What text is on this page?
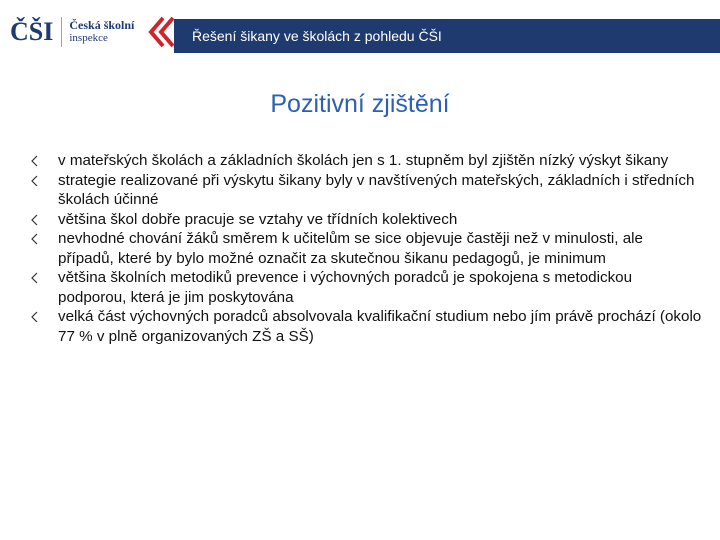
ČŠI Česká školní
inspekce	Řešení šikany ve školách z pohledu ČŠI
Pozitivní zjištění
v mateřských školách a základních školách jen s 1. stupněm byl zjištěn nízký výskyt šikany
strategie realizované při výskytu šikany byly v navštívených mateřských, základních i středních školách účinné
většina škol dobře pracuje se vztahy ve třídních kolektivech
nevhodné chování žáků směrem k učitelům se sice objevuje častěji než v minulosti, ale případů, které by bylo možné označit za skutečnou šikanu pedagogů, je minimum
většina školních metodiků prevence i výchovných poradců je spokojena s metodickou podporou, která je jim poskytována
velká část výchovných poradců absolvovala kvalifikační studium nebo jím právě prochází (okolo 77 % v plně organizovaných ZŠ a SŠ)
